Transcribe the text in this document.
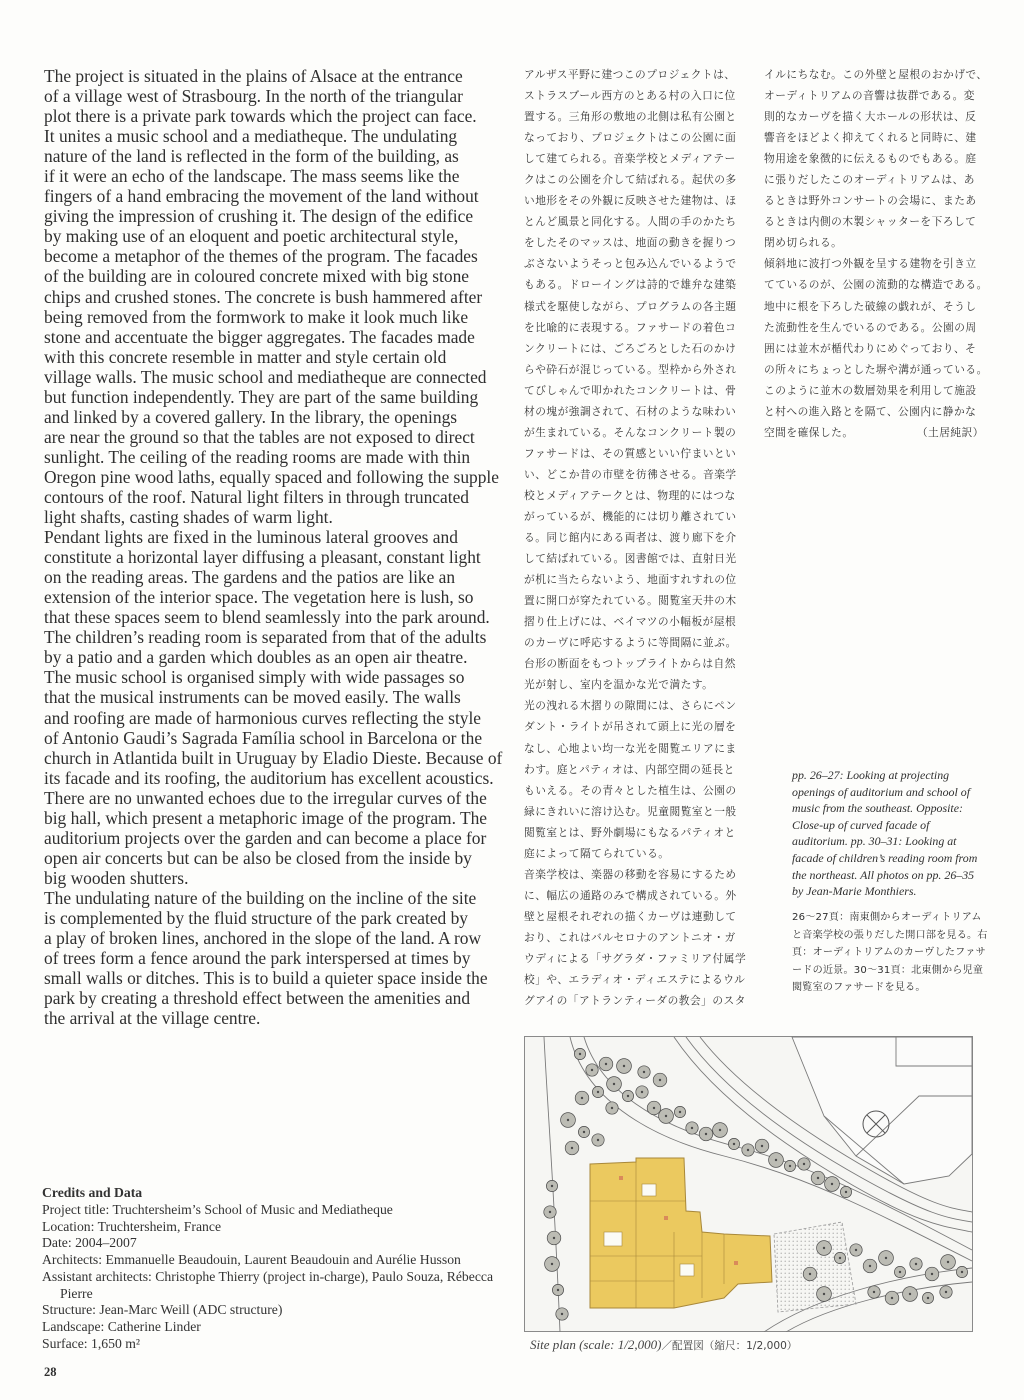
The project is situated in the plains of Alsace at the entrance
of a village west of Strasbourg. In the north of the triangular
plot there is a private park towards which the project can face.
It unites a music school and a mediatheque. The undulating
nature of the land is reflected in the form of the building, as
if it were an echo of the landscape. The mass seems like the
fingers of a hand embracing the movement of the land without
giving the impression of crushing it. The design of the edifice
by making use of an eloquent and poetic architectural style,
become a metaphor of the themes of the program. The facades
of the building are in coloured concrete mixed with big stone
chips and crushed stones. The concrete is bush hammered after
being removed from the formwork to make it look much like
stone and accentuate the bigger aggregates. The facades made
with this concrete resemble in matter and style certain old
village walls. The music school and mediatheque are connected
but function independently. They are part of the same building
and linked by a covered gallery. In the library, the openings
are near the ground so that the tables are not exposed to direct
sunlight. The ceiling of the reading rooms are made with thin
Oregon pine wood laths, equally spaced and following the supple
contours of the roof. Natural light filters in through truncated
light shafts, casting shades of warm light.
Pendant lights are fixed in the luminous lateral grooves and
constitute a horizontal layer diffusing a pleasant, constant light
on the reading areas. The gardens and the patios are like an
extension of the interior space. The vegetation here is lush, so
that these spaces seem to blend seamlessly into the park around.
The children’s reading room is separated from that of the adults
by a patio and a garden which doubles as an open air theatre.
The music school is organised simply with wide passages so
that the musical instruments can be moved easily. The walls
and roofing are made of harmonious curves reflecting the style
of Antonio Gaudi’s Sagrada Família school in Barcelona or the
church in Atlantida built in Uruguay by Eladio Dieste. Because of
its facade and its roofing, the auditorium has excellent acoustics.
There are no unwanted echoes due to the irregular curves of the
big hall, which present a metaphoric image of the program. The
auditorium projects over the garden and can become a place for
open air concerts but can be also be closed from the inside by
big wooden shutters.
The undulating nature of the building on the incline of the site
is complemented by the fluid structure of the park created by
a play of broken lines, anchored in the slope of the land. A row
of trees form a fence around the park interspersed at times by
small walls or ditches. This is to build a quieter space inside the
park by creating a threshold effect between the amenities and
the arrival at the village centre.
アルザス平野に建つこのプロジェクトは、
ストラスブール西方のとある村の入口に位
置する。三角形の敷地の北側は私有公園と
なっており、プロジェクトはこの公園に面
して建てられる。音楽学校とメディアテー
クはこの公園を介して結ばれる。起伏の多
い地形をその外観に反映させた建物は、ほ
とんど風景と同化する。人間の手のかたち
をしたそのマッスは、地面の動きを握りつ
ぶさないようそっと包み込んでいるようで
もある。ドローイングは詩的で雄弁な建築
様式を駆使しながら、プログラムの各主題
を比喩的に表現する。ファサードの着色コ
ンクリートには、ごろごろとした石のかけ
らや砕石が混じっている。型枠から外され
てびしゃんで叩かれたコンクリートは、骨
材の塊が強調されて、石材のような味わい
が生まれている。そんなコンクリート製の
ファサードは、その質感といい佇まいとい
い、どこか昔の市壁を彷彿させる。音楽学
校とメディアテークとは、物理的にはつな
がっているが、機能的には切り離されてい
る。同じ館内にある両者は、渡り廊下を介
して結ばれている。図書館では、直射日光
が机に当たらないよう、地面すれすれの位
置に開口が穿たれている。閲覧室天井の木
摺り仕上げには、ベイマツの小幅板が屋根
のカーヴに呼応するように等間隔に並ぶ。
台形の断面をもつトップライトからは自然
光が射し、室内を温かな光で満たす。
光の洩れる木摺りの隙間には、さらにペン
ダント・ライトが吊されて頭上に光の層を
なし、心地よい均一な光を閲覧エリアにま
わす。庭とパティオは、内部空間の延長と
もいえる。その青々とした植生は、公園の
緑にきれいに溶け込む。児童閲覧室と一般
閲覧室とは、野外劇場にもなるパティオと
庭によって隔てられている。
音楽学校は、楽器の移動を容易にするため
に、幅広の通路のみで構成されている。外
壁と屋根それぞれの描くカーヴは連動して
おり、これはバルセロナのアントニオ・ガ
ウディによる「サグラダ・ファミリア付属学
校」や、エラディオ・ディエステによるウル
グアイの「アトランティーダの教会」のスタ
イルにちなむ。この外壁と屋根のおかげで、
オーディトリアムの音響は抜群である。変
則的なカーヴを描く大ホールの形状は、反
響音をほどよく抑えてくれると同時に、建
物用途を象徴的に伝えるものでもある。庭
に張りだしたこのオーディトリアムは、あ
るときは野外コンサートの会場に、またあ
るときは内側の木製シャッターを下ろして
閉め切られる。
傾斜地に波打つ外観を呈する建物を引き立
てているのが、公園の流動的な構造である。
地中に根を下ろした破線の戯れが、そうし
た流動性を生んでいるのである。公園の周
囲には並木が楯代わりにめぐっており、そ
の所々にちょっとした塀や溝が通っている。
このように並木の数層効果を利用して施設
と村への進入路とを隔て、公園内に静かな
空間を確保した。	（土居純訳）
pp. 26–27: Looking at projecting
openings of auditorium and school of
music from the southeast. Opposite:
Close-up of curved facade of
auditorium. pp. 30–31: Looking at
facade of children’s reading room from
the northeast. All photos on pp. 26–35
by Jean-Marie Monthiers.
26～27頁：南東側からオーディトリアム
と音楽学校の張りだした開口部を見る。右
頁：オーディトリアムのカーヴしたファサ
ードの近景。30～31頁：北東側から児童
閲覧室のファサードを見る。
Site plan (scale: 1/2,000)／配置図（縮尺：1/2,000）
Credits and Data
Project title: Truchtersheim’s School of Music and Mediatheque
Location: Truchtersheim, France
Date: 2004–2007
Architects: Emmanuelle Beaudouin, Laurent Beaudouin and Aurélie Husson
Assistant architects: Christophe Thierry (project in-charge), Paulo Souza, Rébecca Pierre
Structure: Jean-Marc Weill (ADC structure)
Landscape: Catherine Linder
Surface: 1,650 m²
28
